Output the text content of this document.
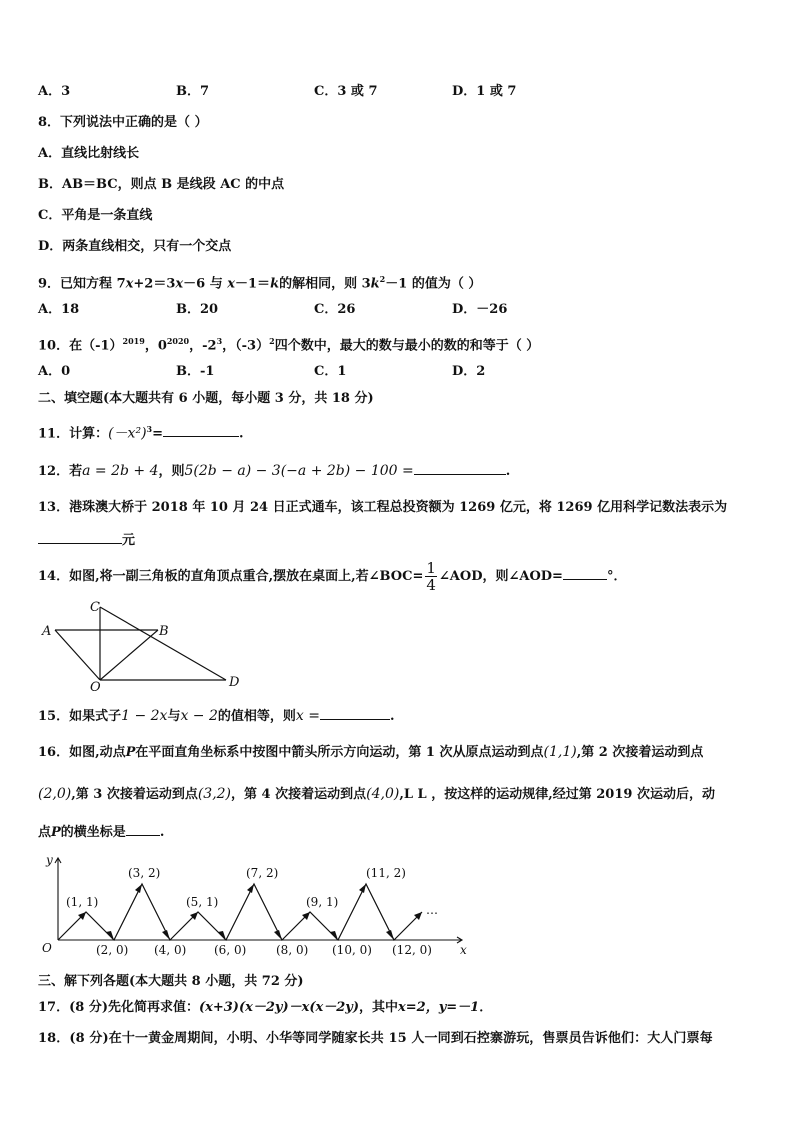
A．3	B．7	C．3 或 7	D．1 或 7
8．下列说法中正确的是（ ）
A．直线比射线长
B．AB＝BC，则点 B 是线段 AC 的中点
C．平角是一条直线
D．两条直线相交，只有一个交点
9．已知方程 7x+2＝3x－6 与 x－1＝k的解相同，则 $3k^2-1$ 的值为（ ）
A．18	B．20	C．26	D．－26
10．在$(-1)^{2019}$，$0^{2020}$，$-2^3$，$(-3)^2$四个数中，最大的数与最小的数的和等于（ ）
A．0	B．-1	C．1	D．2
二、填空题(本大题共有 6 小题，每小题 3 分，共 18 分)
11．计算：$(-x^2)^3=$	.
12．若a = 2b + 4，则5(2b − a) − 3(−a + 2b) − 100 =	.
13．港珠澳大桥于 2018 年 10 月 24 日正式通车，该工程总投资额为 1269 亿元，将 1269 亿用科学记数法表示为
元
14．如图,将一副三角板的直角顶点重合,摆放在桌面上,若∠BOC= $\frac{1}{4}$ ∠AOD，则∠AOD=	°．
A	B
C
O	D
15．如果式子1 − 2x与x − 2的值相等，则x =	.
16．如图,动点P在平面直角坐标系中按图中箭头所示方向运动，第 1 次从原点运动到点(1,1),第 2 次接着运动到点
(2,0),第 3 次接着运动到点(3,2)，第 4 次接着运动到点(4,0),L L ，按这样的运动规律,经过第 2019 次运动后，动
点P的横坐标是	.
y
x
O
…
(1, 1)
(3, 2)
(5, 1)
(7, 2)
(9, 1)
(11, 2)
(2, 0) (4, 0) (6, 0) (8, 0) (10, 0) (12, 0)
三、解下列各题(本大题共 8 小题，共 72 分)
17．(8 分)先化简再求值：(x+3)(x－2y)－x(x－2y)，其中x=2，y=－1．
18．(8 分)在十一黄金周期间，小明、小华等同学随家长共 15 人一同到石控寨游玩，售票员告诉他们：大人门票每
